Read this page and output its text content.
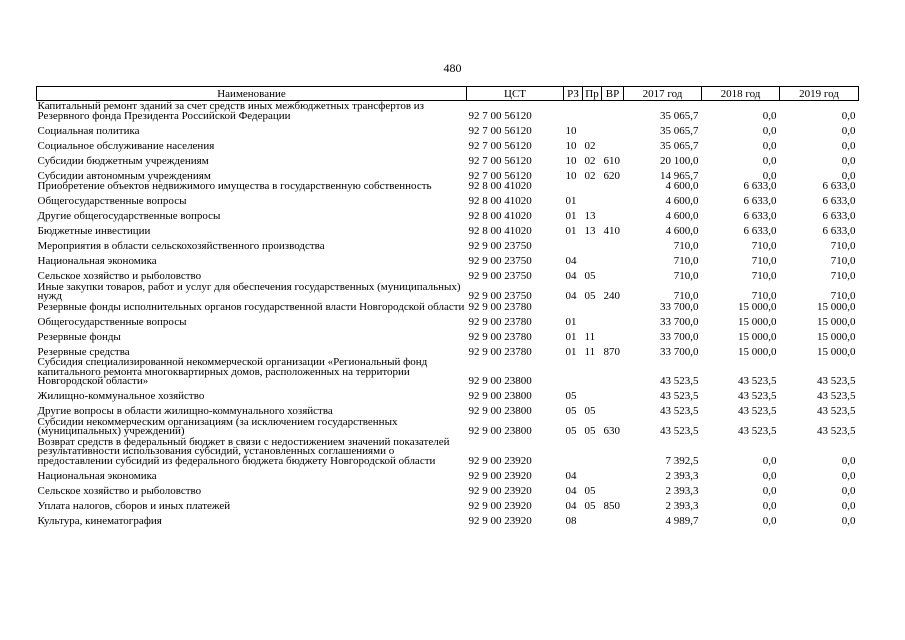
480
Наименование	ЦСТ	РЗ	Пр	ВР	2017 год	2018 год	2019 год
Капитальный ремонт зданий за счет средств иных межбюджетных трансфертов из Резервного фонда Президента Российской Федерации	92 7 00 56120				35 065,7	0,0	0,0
Социальная политика	92 7 00 56120	10			35 065,7	0,0	0,0
Социальное обслуживание населения	92 7 00 56120	10	02		35 065,7	0,0	0,0
Субсидии бюджетным учреждениям	92 7 00 56120	10	02	610	20 100,0	0,0	0,0
Субсидии автономным учреждениям	92 7 00 56120	10	02	620	14 965,7	0,0	0,0
Приобретение объектов недвижимого имущества в государственную собственность	92 8 00 41020				4 600,0	6 633,0	6 633,0
Общегосударственные вопросы	92 8 00 41020	01			4 600,0	6 633,0	6 633,0
Другие общегосударственные вопросы	92 8 00 41020	01	13		4 600,0	6 633,0	6 633,0
Бюджетные инвестиции	92 8 00 41020	01	13	410	4 600,0	6 633,0	6 633,0
Мероприятия в области сельскохозяйственного производства	92 9 00 23750				710,0	710,0	710,0
Национальная экономика	92 9 00 23750	04			710,0	710,0	710,0
Сельское хозяйство и рыболовство	92 9 00 23750	04	05		710,0	710,0	710,0
Иные закупки товаров, работ и услуг для обеспечения государственных (муниципальных) нужд	92 9 00 23750	04	05	240	710,0	710,0	710,0
Резервные фонды исполнительных органов государственной власти Новгородской области	92 9 00 23780				33 700,0	15 000,0	15 000,0
Общегосударственные вопросы	92 9 00 23780	01			33 700,0	15 000,0	15 000,0
Резервные фонды	92 9 00 23780	01	11		33 700,0	15 000,0	15 000,0
Резервные средства	92 9 00 23780	01	11	870	33 700,0	15 000,0	15 000,0
Субсидия специализированной некоммерческой организации «Региональный фонд капитального ремонта многоквартирных домов, расположенных на территории Новгородской области»	92 9 00 23800				43 523,5	43 523,5	43 523,5
Жилищно-коммунальное хозяйство	92 9 00 23800	05			43 523,5	43 523,5	43 523,5
Другие вопросы в области жилищно-коммунального хозяйства	92 9 00 23800	05	05		43 523,5	43 523,5	43 523,5
Субсидии некоммерческим организациям (за исключением государственных (муниципальных) учреждений)	92 9 00 23800	05	05	630	43 523,5	43 523,5	43 523,5
Возврат средств в федеральный бюджет в связи с недостижением значений показателей результативности использования субсидий, установленных соглашениями о предоставлении субсидий из федерального бюджета бюджету Новгородской области	92 9 00 23920				7 392,5	0,0	0,0
Национальная экономика	92 9 00 23920	04			2 393,3	0,0	0,0
Сельское хозяйство и рыболовство	92 9 00 23920	04	05		2 393,3	0,0	0,0
Уплата налогов, сборов и иных платежей	92 9 00 23920	04	05	850	2 393,3	0,0	0,0
Культура, кинематография	92 9 00 23920	08			4 989,7	0,0	0,0
